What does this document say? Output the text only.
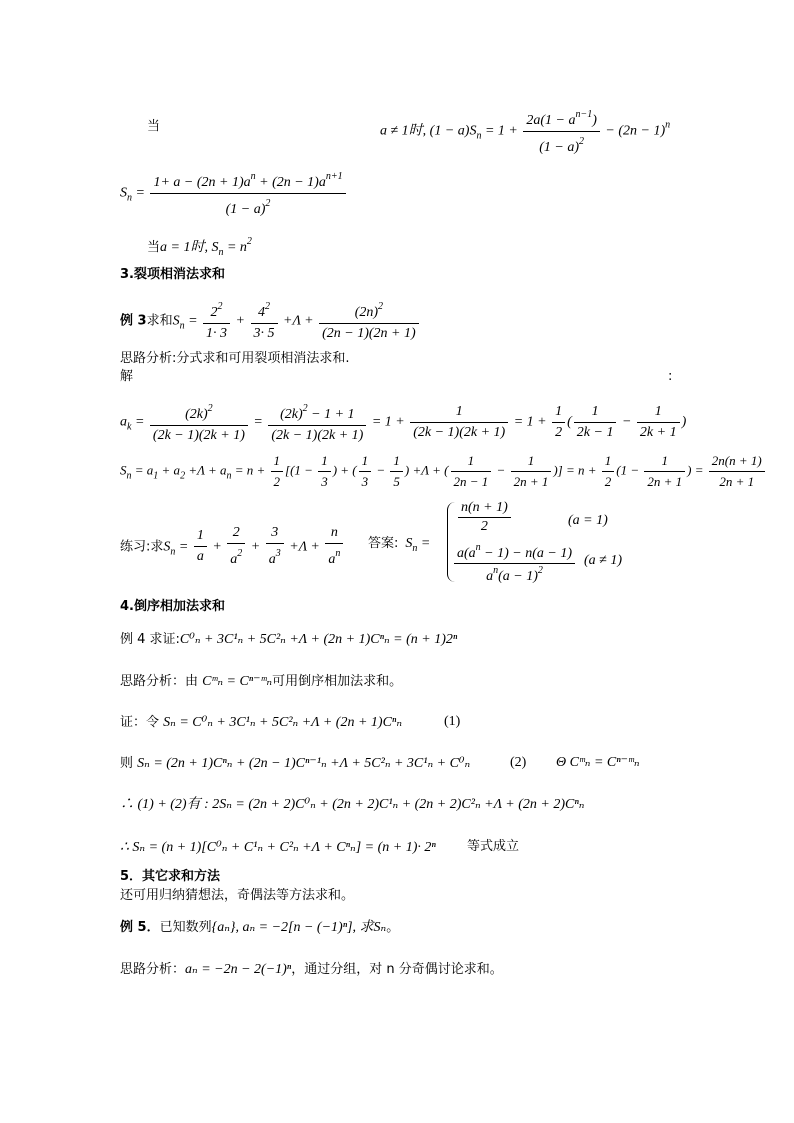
当	a ≠ 1时, $(1 - a)S_n = 1 + \frac{2a(1 - a^{n-1})}{(1 - a)^2} - (2n - 1)^n$
$S_n = \frac{1+ a - (2n + 1)a^n + (2n - 1)a^{n+1}}{(1 - a)^2}$
当a = 1时, $S_n = n^2$
3.裂项相消法求和
例 3求和$S_n = \frac{2^2}{1\cdot 3} + \frac{4^2}{3\cdot 5} +\Lambda + \frac{(2n)^2}{(2n - 1)(2n + 1)}$
思路分析:分式求和可用裂项相消法求和.
解	:
$a_k = \frac{(2k)^2}{(2k - 1)(2k + 1)} = \frac{(2k)^2 - 1 + 1}{(2k - 1)(2k + 1)} = 1 + \frac{1}{(2k - 1)(2k + 1)} = 1 + \frac{1}{2}$ ( $\frac{1}{2k - 1} - \frac{1}{2k + 1}$ )
$S_n = a_1 + a_2 +\Lambda + a_n = n + \frac{1}{2} [(1 - \frac{1}{3}$ ) + ( $\frac{1}{3} - \frac{1}{5}$ ) +Λ + ( $\frac{1}{2n - 1} - \frac{1}{2n + 1}$ )] = $n + \frac{1}{2} (1 - \frac{1}{2n + 1}$ ) = $\frac{2n(n + 1)}{2n + 1}$
练习:求$S_n = \frac{1}{a} + \frac{2}{a^2} + \frac{3}{a^3} +\Lambda + \frac{n}{a^n}$ 答案: $S_n$ =
$\frac{n(n + 1)}{2}$	(a = 1)
$\frac{a(a^n - 1) - n(a - 1)}{a^n(a - 1)^2} (a \ne 1)$
4.倒序相加法求和
例 4 求证:C⁰ₙ + 3C¹ₙ + 5C²ₙ +Λ + (2n + 1)Cⁿₙ = (n + 1)2ⁿ
思路分析：由 Cᵐₙ = Cⁿ⁻ᵐₙ可用倒序相加法求和。
证：令 Sₙ = C⁰ₙ + 3C¹ₙ + 5C²ₙ +Λ + (2n + 1)Cⁿₙ	(1)
则 Sₙ = (2n + 1)Cⁿₙ + (2n − 1)Cⁿ⁻¹ₙ +Λ + 5C²ₙ + 3C¹ₙ + C⁰ₙ	(2) Θ Cᵐₙ = Cⁿ⁻ᵐₙ
∴ (1) + (2)有 : 2Sₙ = (2n + 2)C⁰ₙ + (2n + 2)C¹ₙ + (2n + 2)C²ₙ +Λ + (2n + 2)Cⁿₙ
∴ Sₙ = (n + 1)[C⁰ₙ + C¹ₙ + C²ₙ +Λ + Cⁿₙ] = (n + 1)· 2ⁿ 等式成立
5．其它求和方法
还可用归纳猜想法，奇偶法等方法求和。
例 5．已知数列{aₙ}, aₙ = −2[n − (−1)ⁿ], 求Sₙ。
思路分析：aₙ = −2n − 2(−1)ⁿ，通过分组，对 n 分奇偶讨论求和。
